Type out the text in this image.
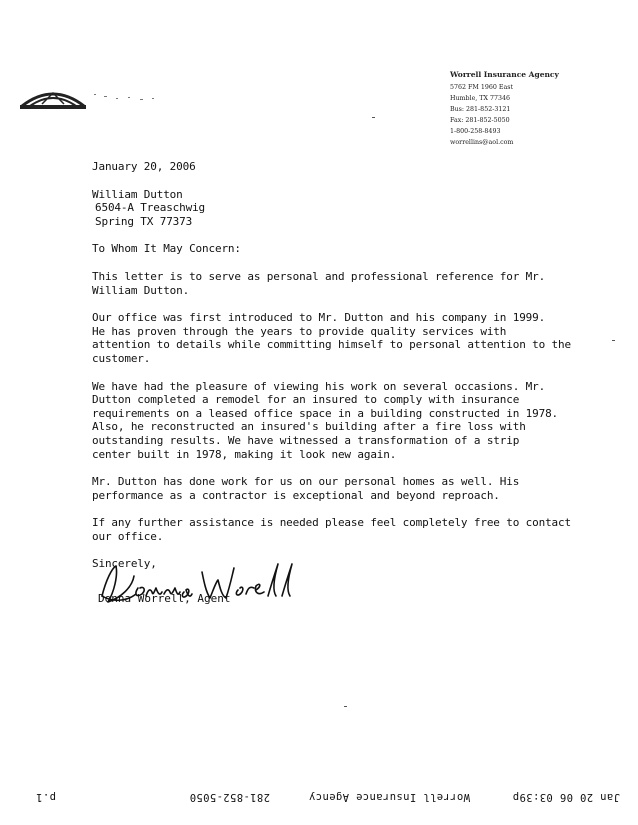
Worrell Insurance Agency
5762 FM 1960 East
Humble, TX 77346
Bus: 281-852-3121
Fax: 281-852-5050
1-800-258-8493
worrellins@aol.com

January 20, 2006

William Dutton

6504-A Treaschwig

Spring TX 77373

To Whom It May Concern:

This letter is to serve as personal and professional reference for Mr.

William Dutton.

Our office was first introduced to Mr. Dutton and his company in 1999.

He has proven through the years to provide quality services with

attention to details while committing himself to personal attention to the

customer.

We have had the pleasure of viewing his work on several occasions. Mr.

Dutton completed a remodel for an insured to comply with insurance

requirements on a leased office space in a building constructed in 1978.

Also, he reconstructed an insured's building after a fire loss with

outstanding results. We have witnessed a transformation of a strip

center built in 1978, making it look new again.

Mr. Dutton has done work for us on our personal homes as well. His

performance as a contractor is exceptional and beyond reproach.

If any further assistance is needed please feel completely free to contact

our office.

Sincerely,

Donna Worrell, Agent
Jan 20 06 03:39p
Worrell Insurance Agency
281-852-5050
p.1
